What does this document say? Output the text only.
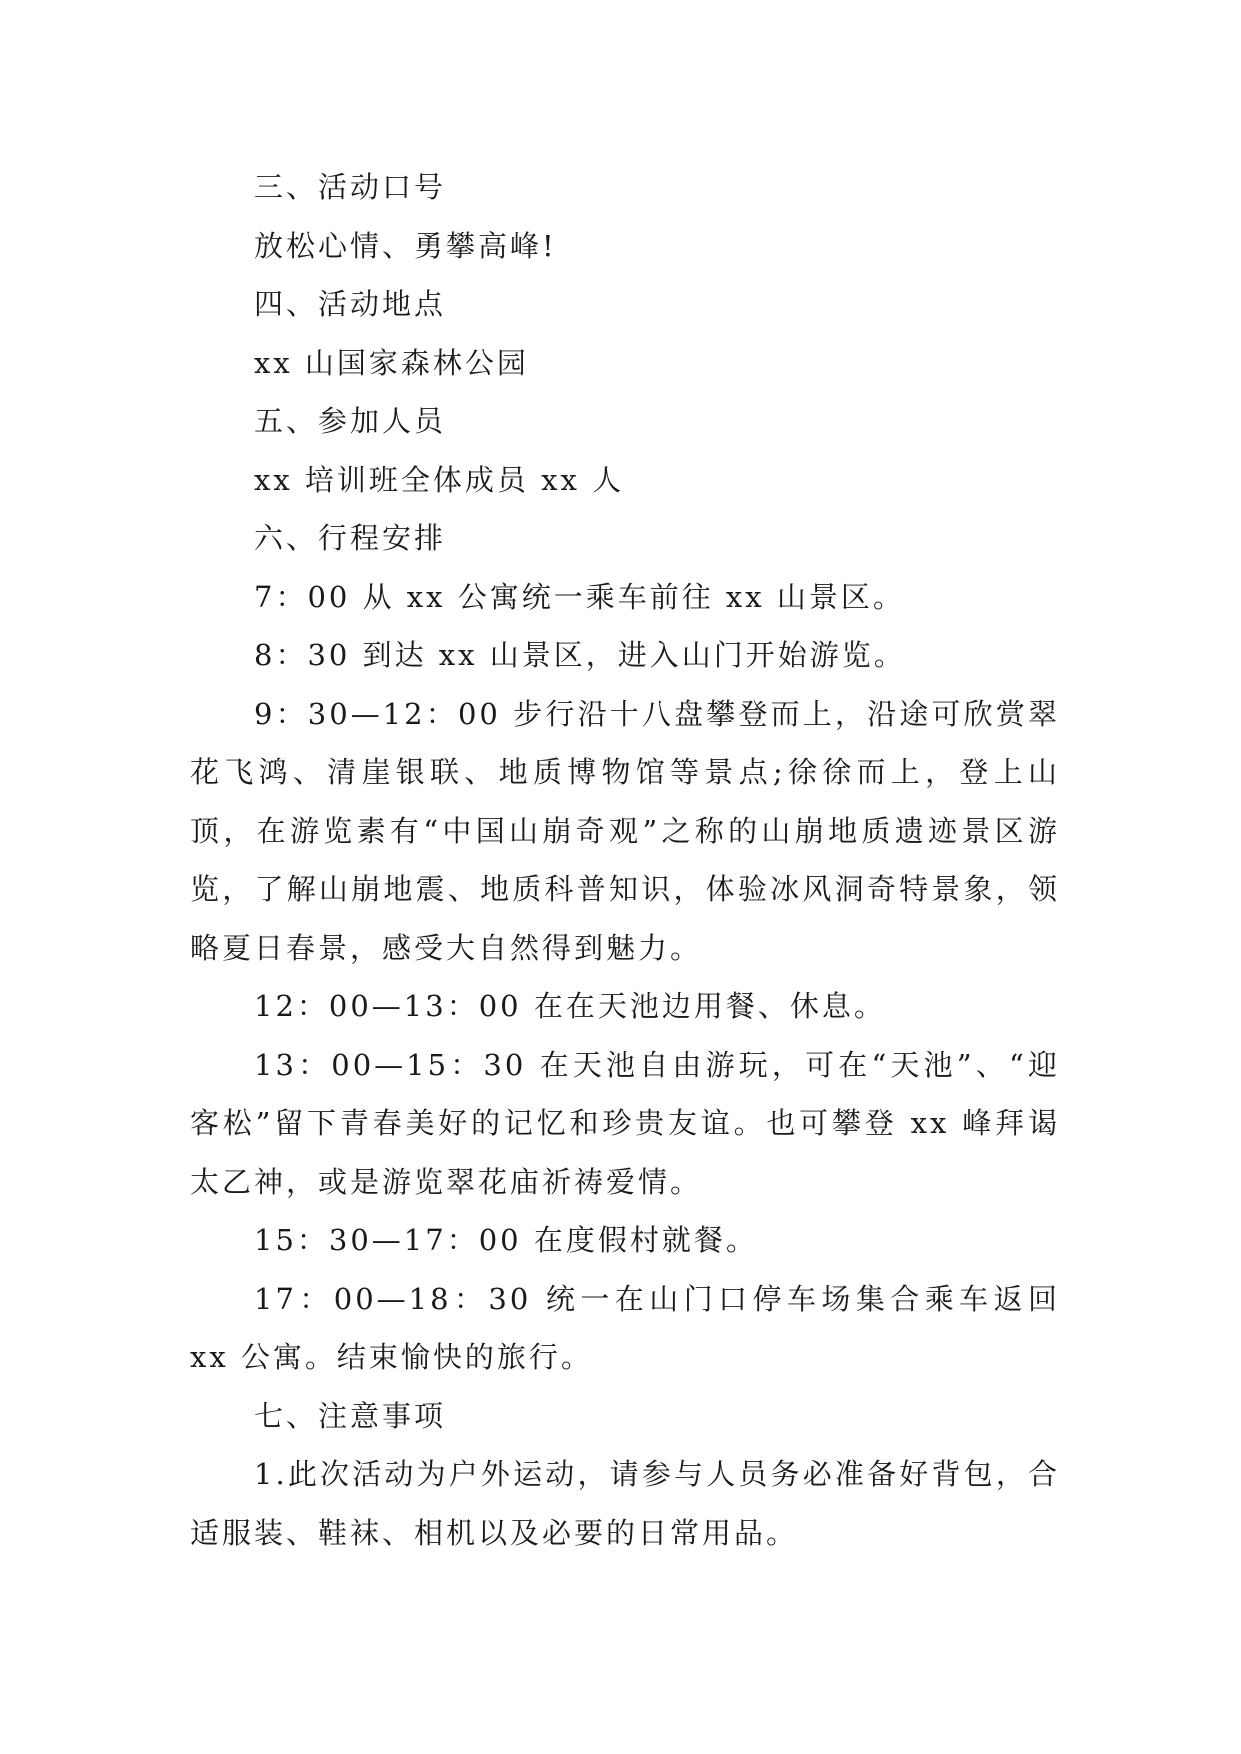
三、活动口号

放松心情、勇攀高峰!

四、活动地点

xx 山国家森林公园

五、参加人员

xx 培训班全体成员 xx 人

六、行程安排

7：00 从 xx 公寓统一乘车前往 xx 山景区。

8：30 到达 xx 山景区，进入山门开始游览。

9：30—12：00 步行沿十八盘攀登而上，沿途可欣赏翠花飞鸿、清崖银联、地质博物馆等景点;徐徐而上，登上山顶，在游览素有“中国山崩奇观”之称的山崩地质遗迹景区游览，了解山崩地震、地质科普知识，体验冰风洞奇特景象，领略夏日春景，感受大自然得到魅力。

12：00—13：00 在在天池边用餐、休息。

13：00—15：30 在天池自由游玩，可在“天池”、“迎客松”留下青春美好的记忆和珍贵友谊。也可攀登 xx 峰拜谒太乙神，或是游览翠花庙祈祷爱情。

15：30—17：00 在度假村就餐。

17：00—18：30 统一在山门口停车场集合乘车返回 xx 公寓。结束愉快的旅行。

七、注意事项

1.此次活动为户外运动，请参与人员务必准备好背包，合适服装、鞋袜、相机以及必要的日常用品。
